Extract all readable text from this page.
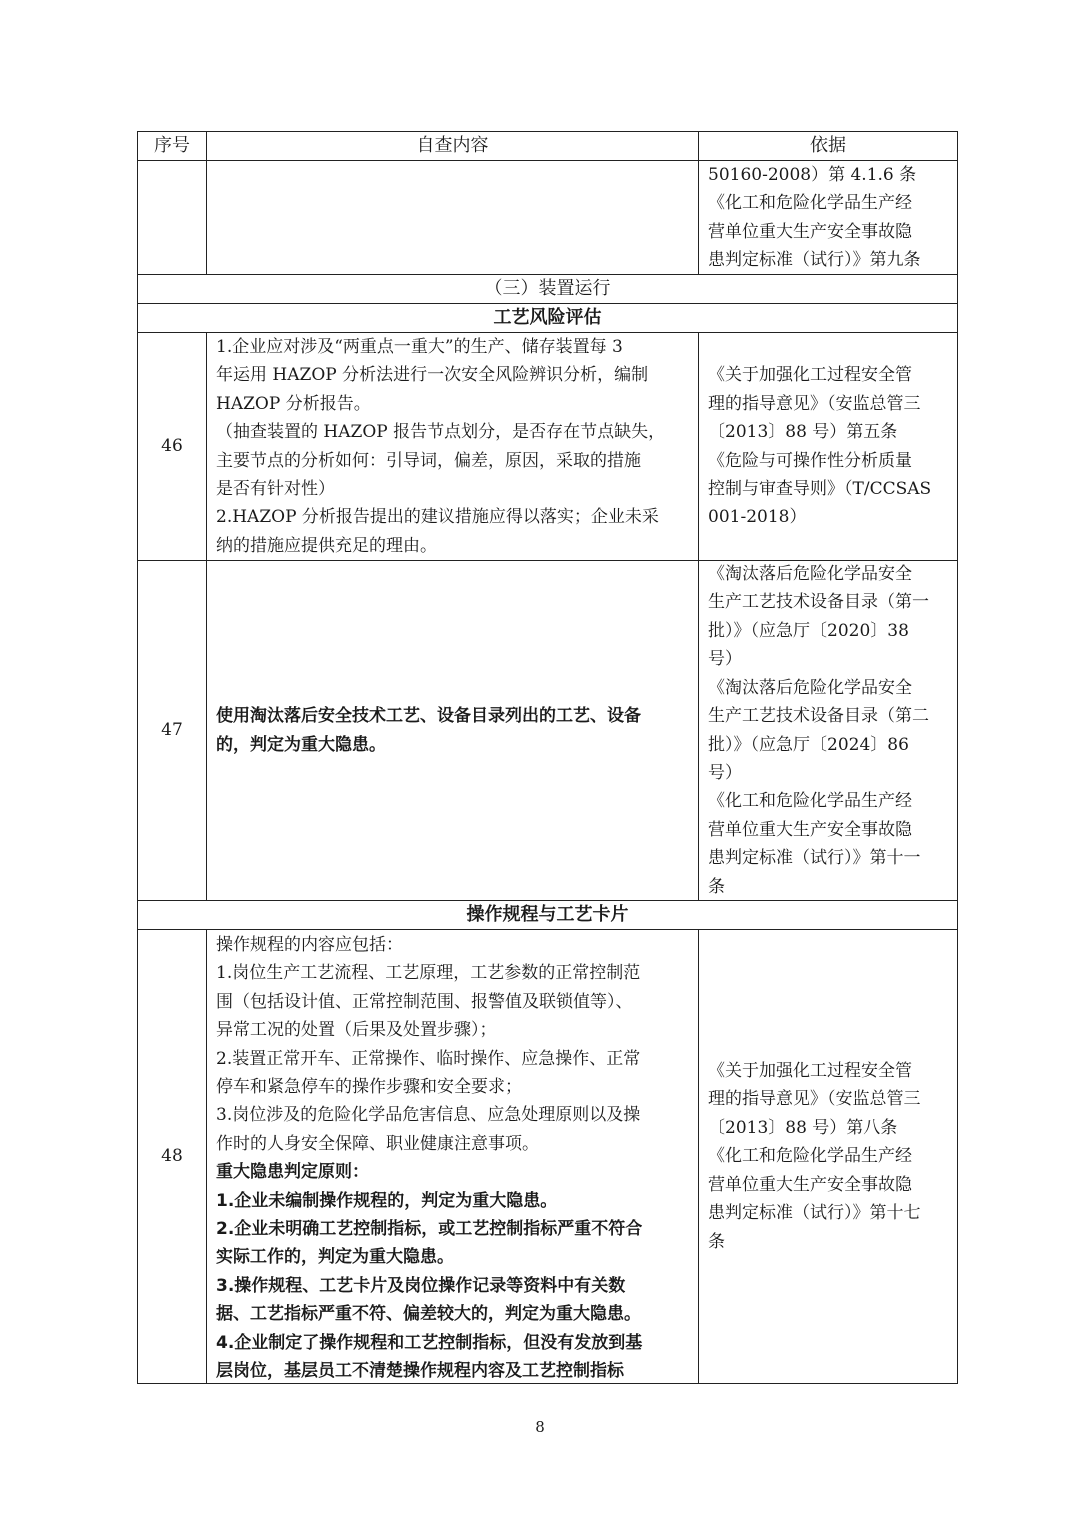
序号	自查内容	依据
50160-2008）第 4.1.6 条
《化工和危险化学品生产经
营单位重大生产安全事故隐
患判定标准（试行）》第九条
（三）装置运行
工艺风险评估
46
1.企业应对涉及“两重点一重大”的生产、储存装置每 3
年运用 HAZOP 分析法进行一次安全风险辨识分析，编制
HAZOP 分析报告。
（抽查装置的 HAZOP 报告节点划分，是否存在节点缺失，
主要节点的分析如何：引导词，偏差，原因，采取的措施
是否有针对性）
2.HAZOP 分析报告提出的建议措施应得以落实；企业未采
纳的措施应提供充足的理由。
《关于加强化工过程安全管
理的指导意见》（安监总管三
〔2013〕88 号）第五条
《危险与可操作性分析质量
控制与审查导则》（T/CCSAS
001-2018）
47
使用淘汰落后安全技术工艺、设备目录列出的工艺、设备
的，判定为重大隐患。
《淘汰落后危险化学品安全
生产工艺技术设备目录（第一
批）》（应急厅〔2020〕38
号）
《淘汰落后危险化学品安全
生产工艺技术设备目录（第二
批）》（应急厅〔2024〕86
号）
《化工和危险化学品生产经
营单位重大生产安全事故隐
患判定标准（试行）》第十一
条
操作规程与工艺卡片
48
操作规程的内容应包括：
1.岗位生产工艺流程、工艺原理，工艺参数的正常控制范
围（包括设计值、正常控制范围、报警值及联锁值等）、
异常工况的处置（后果及处置步骤）；
2.装置正常开车、正常操作、临时操作、应急操作、正常
停车和紧急停车的操作步骤和安全要求；
3.岗位涉及的危险化学品危害信息、应急处理原则以及操
作时的人身安全保障、职业健康注意事项。
重大隐患判定原则：
1.企业未编制操作规程的，判定为重大隐患。
2.企业未明确工艺控制指标，或工艺控制指标严重不符合
实际工作的，判定为重大隐患。
3.操作规程、工艺卡片及岗位操作记录等资料中有关数
据、工艺指标严重不符、偏差较大的，判定为重大隐患。
4.企业制定了操作规程和工艺控制指标，但没有发放到基
层岗位，基层员工不清楚操作规程内容及工艺控制指标
《关于加强化工过程安全管
理的指导意见》（安监总管三
〔2013〕88 号）第八条
《化工和危险化学品生产经
营单位重大生产安全事故隐
患判定标准（试行）》第十七
条
8
